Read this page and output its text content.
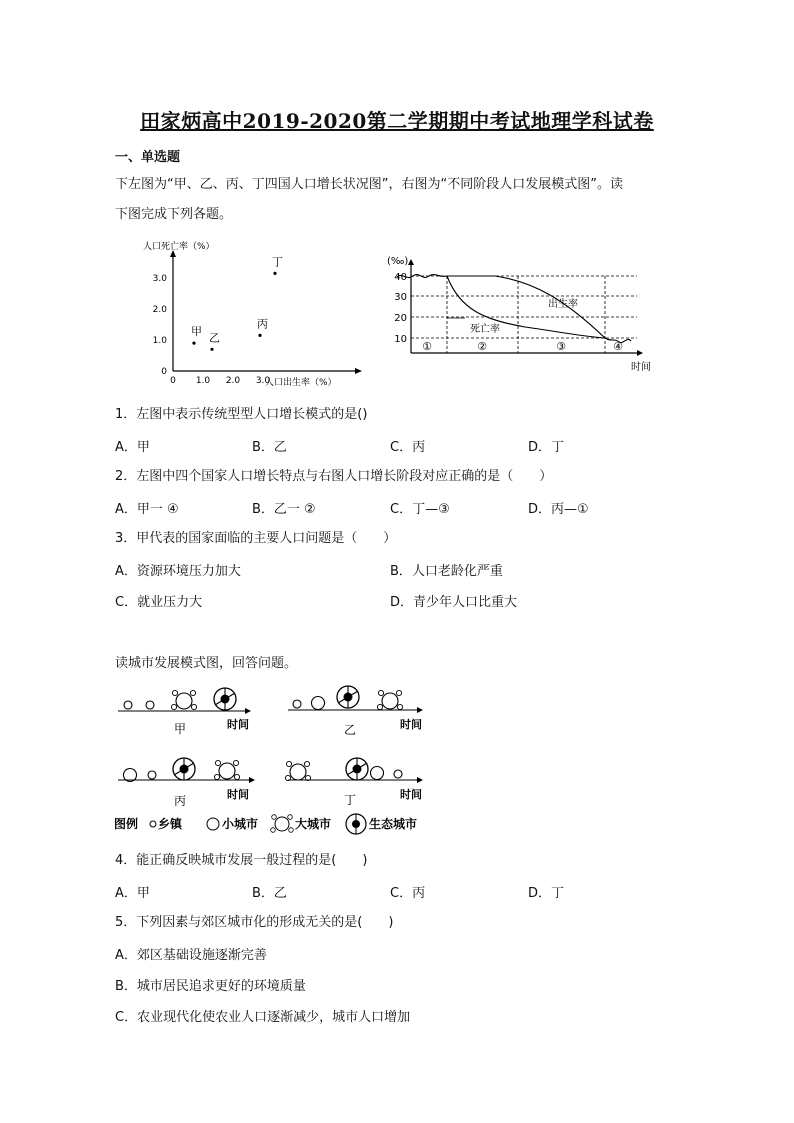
田家炳高中2019-2020第二学期期中考试地理学科试卷
一、单选题
下左图为“甲、乙、丙、丁四国人口增长状况图”，右图为“不同阶段人口发展模式图”。读
下图完成下列各题。
人口死亡率（%）
人口出生率（%）
0
1.0
2.0
3.0
0 1.0 2.0 3.0
甲 乙
丙
丁	(‰)
出生率
死亡率
时间
10
20
30
40
①	②	③	④
1．左图中表示传统型型人口增长模式的是()
A．甲	B．乙	C．丙	D．丁
2．左图中四个国家人口增长特点与右图人口增长阶段对应正确的是（　　）
A．甲一 ④	B．乙一 ②	C．丁—③	D．丙—①
3．甲代表的国家面临的主要人口问题是（　　）
A．资源环境压力加大	B．人口老龄化严重
C．就业压力大	D．青少年人口比重大
读城市发展模式图，回答问题。
时间
甲	时间
乙
时间
丙	时间
丁
图例 乡镇	小城市	大城市	生态城市
4．能正确反映城市发展一般过程的是(　　)
A．甲	B．乙	C．丙	D．丁
5．下列因素与郊区城市化的形成无关的是(　　)
A．郊区基础设施逐渐完善
B．城市居民追求更好的环境质量
C．农业现代化使农业人口逐渐减少，城市人口增加
